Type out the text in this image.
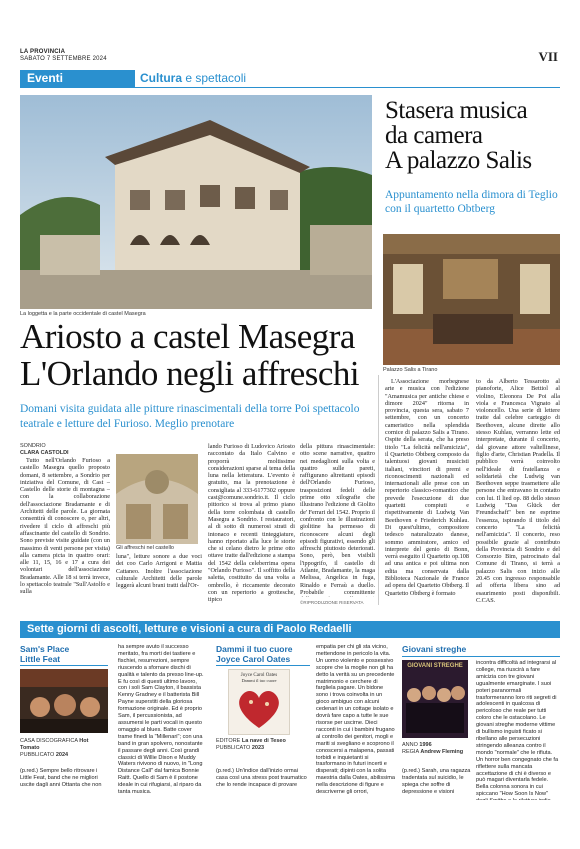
LA PROVINCIA
SABATO 7 SETTEMBRE 2024	VII
Eventi	Cultura e spettacoli
La loggetta e la parte occidentale di castel Masegra
Stasera musica
da camera
A palazzo Salis
Appuntamento nella dimora di Teglio con il quartetto Obtberg
Palazzo Salis a Tirano
Ariosto a castel Masegra
L'Orlando negli affreschi
Domani visita guidata alle pitture rinascimentali della torre Poi spettacolo teatrale e letture del Furioso. Meglio prenotare
SONDRIO
CLARA CASTOLDI

Tutto nell'Orlando Furioso a castello Masegra quello proposto domani, 8 settembre, a Sondrio per iniziativa del Comune, di Cast – Castello delle storie di montagna – con la collaborazione dell'associazione Bradamante e di Architetti delle parole. La giornata consentirà di conoscere o, per altri, rivedere il ciclo di affreschi più affascinante del castello di Sondrio. Sono previste visite guidate (con un massimo di venti persone per visita) alla camera picta in quattro orari: alle 11, 15, 16 e 17 a cura dei volontari dell'associazione Bradamante. Alle 18 si terrà invece, lo spettacolo teatrale "Sull'Astolfo e sulla

Gli affreschi nel castello

luna", letture sonore a due voci dei coo Carlo Arrigoni e Mattia Cattaneo. Inoltre l'associazione culturale Architetti delle parole leggerà alcuni brani tratti dall'Or-

lando Furioso di Ludovico Ariosto raccontato da Italo Calvino e proporrà moltissime considerazioni sparse al tema della luna nella letteratura. L'evento è gratuito, ma la prenotazione è consigliata al 333-6177302 oppure cast@comune.sondrio.it. Il ciclo pittorico si trova al primo piano della torre colombaia di castello Masegra a Sondrio. I restauratori, al di sotto di numerosi strati di intonaco e recenti tinteggiature, hanno riportato alla luce le storie che si celano dietro le prime otto ottave tratte dall'edizione a stampa del 1542 della celeberrima opera "Orlando Furioso". Il soffitto della saletta, costituito da una volta a ombrello, è riccamente decorato con un repertorio a grottesche, tipico

della pittura rinascimentale: otto scene narrative, quattro nei medaglioni sulla volta e quattro sulle pareti, raffigurano altrettanti episodi dell'Orlando Furioso, trasposizioni fedeli delle prime otto xilografie che illustrano l'edizione di Giolito de' Ferrari del 1542. Proprio il confronto con le illustrazioni giolitine ha permesso di riconoscere alcuni degli episodi figurativi, essendo gli affreschi piuttosto deteriorati. Sono, però, ben visibili l'ippogrifo, il castello di Atlante, Bradamante, la maga Melissa, Angelica in fuga, Rinaldo e Ferraù a duello. Probabile committente

©RIPRODUZIONE RISERVATA

L'Associazione morbegnese arte e musica con l'edizione "Amamusica per antiche chiese e dimore 2024" ritorna in provincia, questa sera, sabato 7 settembre, con un concerto cameristico nella splendida cornice di palazzo Salis a Tirano. Ospite della serata, che ha preso titolo "La felicità nell'amicizia", il Quartetto Obtberg composto da talentuosi giovani musicisti italiani, vincitori di premi e riconoscimenti nazionali ed internazionali alle prese con un repertorio classico-romantico che prevede l'esecuzione di due quartetti compiuti e rispettivamente di Ludwig Van Beethoven e Friederich Kuhlau. Di quest'ultimo, compositore tedesco naturalizzato danese, sommo ammiratore, amico ed interprete del genio di Bonn, verrà eseguito il Quartetto op.108 ad una antica e poi ultima non edita ma conservata dalla Biblioteca Nazionale de France ad opera del Quartetto Obtberg. Il Quartetto Obtberg è formato

to da Alberto Tessarotto al pianoforte, Alice Bettiol al violino, Eleonora De Poi alla viola e Francesca Vignato al violoncello. Una serie di lettere tratte dal celebre carteggio di Beethoven, alcune dirette allo stesso Kuhlau, verranno lette ed interpretate, durante il concerto, dal giovane attore valtellinese, figlio d'arte, Christian Pradella. Il pubblico verrà coinvolto nell'ideale di fratellanza e solidarietà che Ludwig van Beethoven seppe trasmettere alle persone che entravano in contatto con lui. Il lied op. 88 dello stesso Ludwig "Das Glück der Freundschaft" ben ne esprime l'essenza, ispirando il titolo del concerto "La felicità nell'amicizia". Il concerto, reso possibile grazie al contributo della Provincia di Sondrio e del Consorzio Bim, patrocinato dal Comune di Tirano, si terrà a palazzo Salis con inizio alle 20.45 con ingresso responsabile ad offerta libera sino ad esaurimento posti disponibili. C.CAS.

Sette giorni di ascolti, letture e visioni a cura di Paolo Redaelli
Sam's Place
Little Feat
CASA DISCOGRAFICA Hot Tomato
PUBBLICATO 2024
(p.red.) Sempre bello ritrovare i Little Feat, band che ne migliori uscite dagli anni Ottanta che non
ha sempre avuto il successo meritato, fra morti dei tastiere e fischiei, resurrezioni, sempre riuscendo a sfornare dischi di qualità e talento da presso line-up. E fu così di questi ultimo lavoro, con i soli Sam Clayton, il bassista Kenny Gradney e il batterista Bill Payne superstiti della gloriosa formazione originale. Ed è proprio Sam, il percussionista, ad assumersi le parti vocali in questo omaggio al blues. Batte cover trame finedi la "Millenari"; con una band in gran spolvero, nonostante il passare degli anni. Così grandi classici di Willie Dixon e Muddy Waters rivivono di nuovo, in "Long Distance Call" dal famica Bonnie Raitt. Quello di Sam è il postone ideale in cui rifugiarsi, al riparo da tanta musica.
Dammi il tuo cuore
Joyce Carol Oates
Joyce Carol Oates
Dammi il tuo cuore
EDITORE La nave di Teseo
PUBBLICATO 2023
(p.red.) Un'indice dall'inizio ormai casa così una stress post traumatico che lo rende incapace di provare
empatia per chi gli sta vicino, mettendone in pericolo la vita. Un uomo violento e possessivo scopre che la moglie non gli ha detto la verità su un precedente matrimonio e cerchere di fargliela pagare. Un bidone sono i trova coinvolta in un gioco ambiguo con alcuni cedenari in un cottage isolato e dovrà fare capo a tutte le sue risorse per uscirne. Dieci racconti in cui i bambini frugano al controllo dei genitori, mogli e mariti si svegliano e scoprono il conoscersi a malapena, passati torbidi e inquietanti si trasformano in futuri incerti e disperati; dipinti con la solita maestria dalla Oates, abilissima nella descrizione di figure e descriverne gli orrori,
Giovani streghe
GIOVANI STREGHE
ANNO 1996
REGIA Andrew Fleming
(p.red.) Sarah, una ragazza tradentata sul suicidio, le spiega che soffre di depressione e visioni
incontra difficoltà ad integrarsi al college, ma riuscirà a fare amicizia con tre giovani ugualmente emarginate. I suoi poteri paranormali trasformeranno loro riti segreti di adolescenti in qualcosa di pericoloso che reale per tutti coloro che le ostacolano. Le giovani streghe moderne vittime di bullismo inguisti ficato si ribellano alle persecuzioni stringendo alleanza contro il mondo "normale" che le rifiuta. Un horror ben congegnato che fa riflettere sulla mancata accettazione di chi è diverso e può magari diventarla fedele. Bella colonna sonora in cui spiccano "How Soon Is Now"
